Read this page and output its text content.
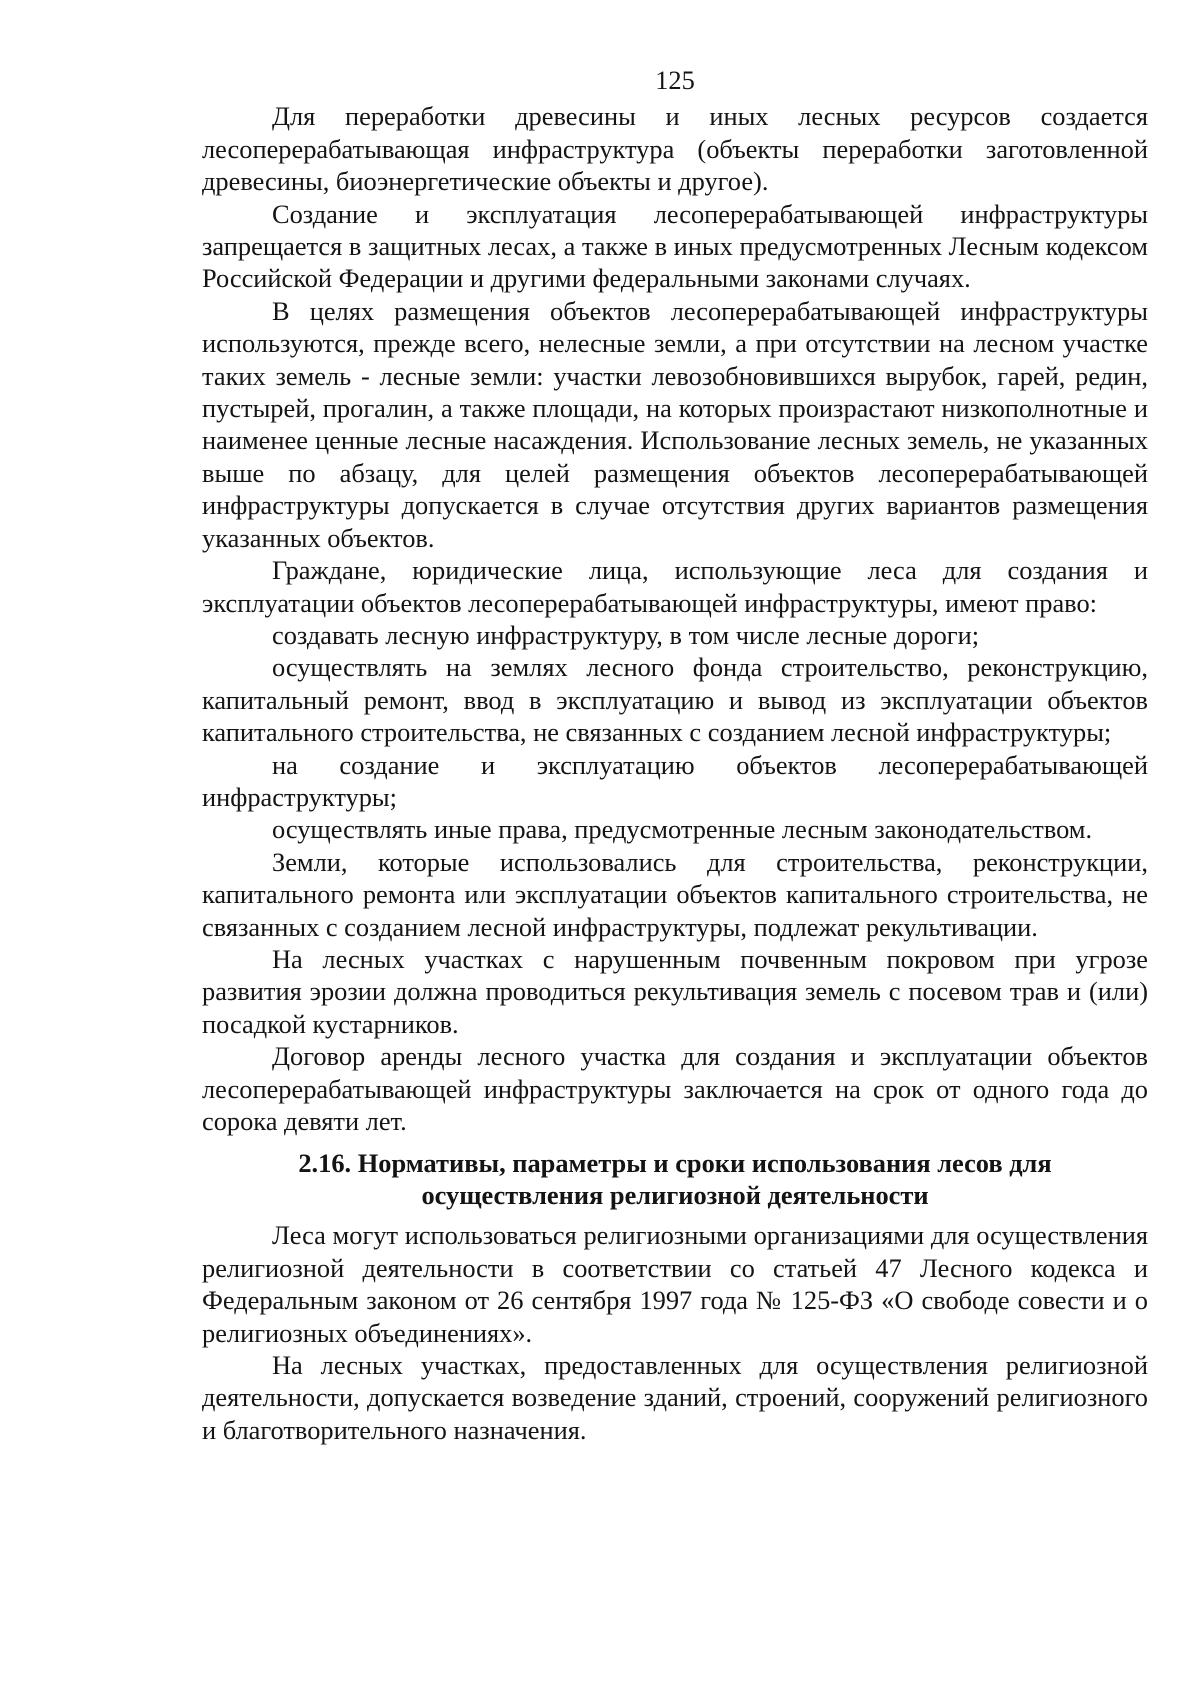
125

Для переработки древесины и иных лесных ресурсов создается лесоперерабатывающая инфраструктура (объекты переработки заготовленной древесины, биоэнергетические объекты и другое).

Создание и эксплуатация лесоперерабатывающей инфраструктуры запрещается в защитных лесах, а также в иных предусмотренных Лесным кодексом Российской Федерации и другими федеральными законами случаях.

В целях размещения объектов лесоперерабатывающей инфраструктуры используются, прежде всего, нелесные земли, а при отсутствии на лесном участке таких земель - лесные земли: участки левозобновившихся вырубок, гарей, редин, пустырей, прогалин, а также площади, на которых произрастают низкополнотные и наименее ценные лесные насаждения. Использование лесных земель, не указанных выше по абзацу, для целей размещения объектов лесоперерабатывающей инфраструктуры допускается в случае отсутствия других вариантов размещения указанных объектов.

Граждане, юридические лица, использующие леса для создания и эксплуатации объектов лесоперерабатывающей инфраструктуры, имеют право:

создавать лесную инфраструктуру, в том числе лесные дороги;

осуществлять на землях лесного фонда строительство, реконструкцию, капитальный ремонт, ввод в эксплуатацию и вывод из эксплуатации объектов капитального строительства, не связанных с созданием лесной инфраструктуры;

на создание и эксплуатацию объектов лесоперерабатывающей инфраструктуры;

осуществлять иные права, предусмотренные лесным законодательством.

Земли, которые использовались для строительства, реконструкции, капитального ремонта или эксплуатации объектов капитального строительства, не связанных с созданием лесной инфраструктуры, подлежат рекультивации.

На лесных участках с нарушенным почвенным покровом при угрозе развития эрозии должна проводиться рекультивация земель с посевом трав и (или) посадкой кустарников.

Договор аренды лесного участка для создания и эксплуатации объектов лесоперерабатывающей инфраструктуры заключается на срок от одного года до сорока девяти лет.

2.16. Нормативы, параметры и сроки использования лесов для
осуществления религиозной деятельности

Леса могут использоваться религиозными организациями для осуществления религиозной деятельности в соответствии со статьей 47 Лесного кодекса и Федеральным законом от 26 сентября 1997 года № 125-ФЗ «О свободе совести и о религиозных объединениях».

На лесных участках, предоставленных для осуществления религиозной деятельности, допускается возведение зданий, строений, сооружений религиозного и благотворительного назначения.
